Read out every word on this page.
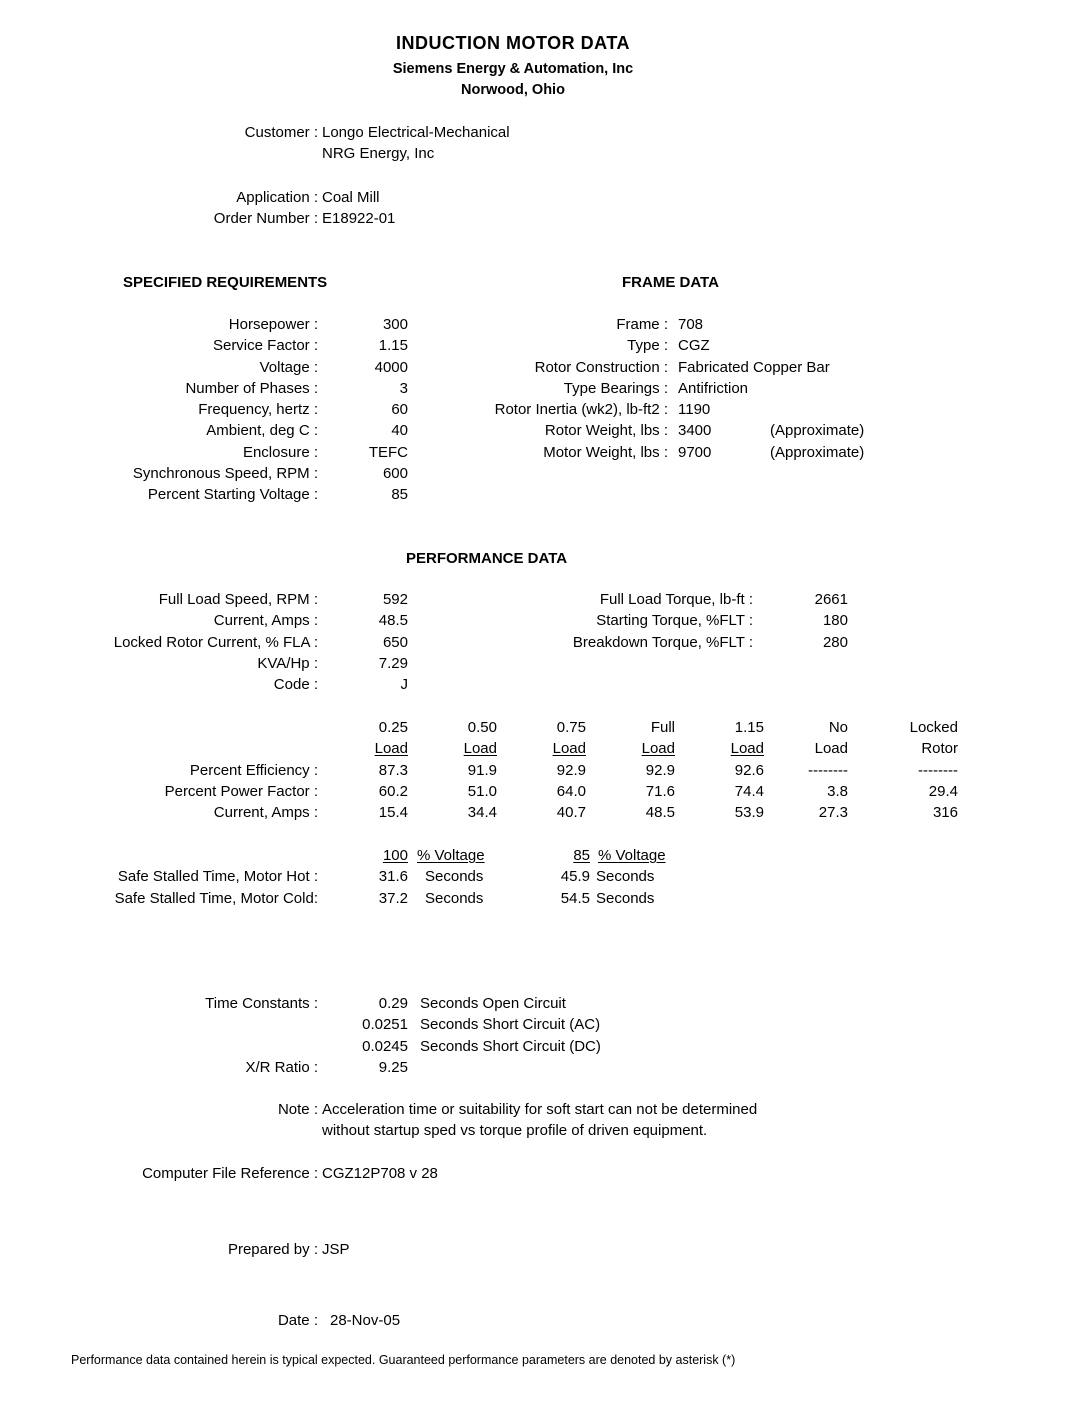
INDUCTION MOTOR DATA
Siemens Energy & Automation, Inc
Norwood, Ohio
Customer : Longo Electrical-Mechanical
NRG Energy, Inc
Application : Coal Mill
Order Number : E18922-01
SPECIFIED REQUIREMENTS	FRAME DATA
Horsepower :	300
Service Factor :	1.15
Voltage :	4000
Number of Phases :	3
Frequency, hertz :	60
Ambient, deg C :	40
Enclosure :	TEFC
Synchronous Speed, RPM :	600
Percent Starting Voltage :	85
Frame : 708
Type : CGZ
Rotor Construction : Fabricated Copper Bar
Type Bearings : Antifriction
Rotor Inertia (wk2), lb-ft2 : 1190
Rotor Weight, lbs : 3400	(Approximate)
Motor Weight, lbs : 9700	(Approximate)
PERFORMANCE DATA
Full Load Speed, RPM :	592	Full Load Torque, lb-ft :	2661
Current, Amps :	48.5	Starting Torque, %FLT :	180
Locked Rotor Current, % FLA :	650	Breakdown Torque, %FLT :	280
KVA/Hp :	7.29
Code :	J
0.25	0.50	0.75	Full	1.15	No	Locked
Load	Load	Load	Load	Load	Load	Rotor
Percent Efficiency :	87.3	91.9	92.9	92.9	92.6	--------	--------
Percent Power Factor :	60.2	51.0	64.0	71.6	74.4	3.8	29.4
Current, Amps :	15.4	34.4	40.7	48.5	53.9	27.3	316
100 % Voltage	85 % Voltage
Safe Stalled Time, Motor Hot :	31.6 Seconds	45.9 Seconds
Safe Stalled Time, Motor Cold:	37.2 Seconds	54.5 Seconds
Time Constants :	0.29 Seconds Open Circuit
0.0251 Seconds Short Circuit (AC)
0.0245 Seconds Short Circuit (DC)
X/R Ratio :	9.25
Note : Acceleration time or suitability for soft start can not be determined
without startup sped vs torque profile of driven equipment.
Computer File Reference : CGZ12P708 v 28
Prepared by : JSP
Date : 28-Nov-05
Performance data contained herein is typical expected. Guaranteed performance parameters are denoted by asterisk (*)
